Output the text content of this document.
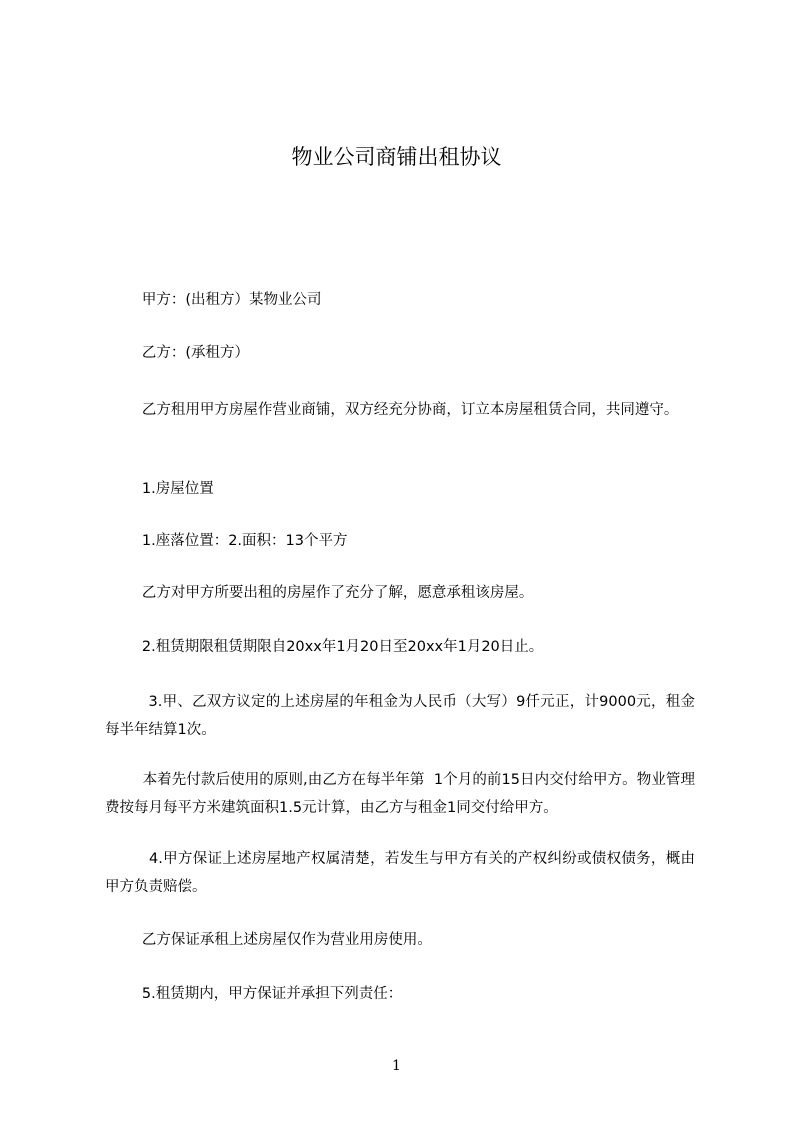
物业公司商铺出租协议
甲方：(出租方）某物业公司
乙方：(承租方）
乙方租用甲方房屋作营业商铺，双方经充分协商，订立本房屋租赁合同，共同遵守。
1.房屋位置
1.座落位置：2.面积：13个平方
乙方对甲方所要出租的房屋作了充分了解，愿意承租该房屋。
2.租赁期限租赁期限自20xx年1月20日至20xx年1月20日止。
3.甲、乙双方议定的上述房屋的年租金为人民币（大写）9仟元正，计9000元，租金每半年结算1次。
本着先付款后使用的原则,由乙方在每半年第  1个月的前15日内交付给甲方。物业管理费按每月每平方米建筑面积1.5元计算，由乙方与租金1同交付给甲方。
4.甲方保证上述房屋地产权属清楚，若发生与甲方有关的产权纠纷或债权债务，概由甲方负责赔偿。
乙方保证承租上述房屋仅作为营业用房使用。
5.租赁期内，甲方保证并承担下列责任：
1
